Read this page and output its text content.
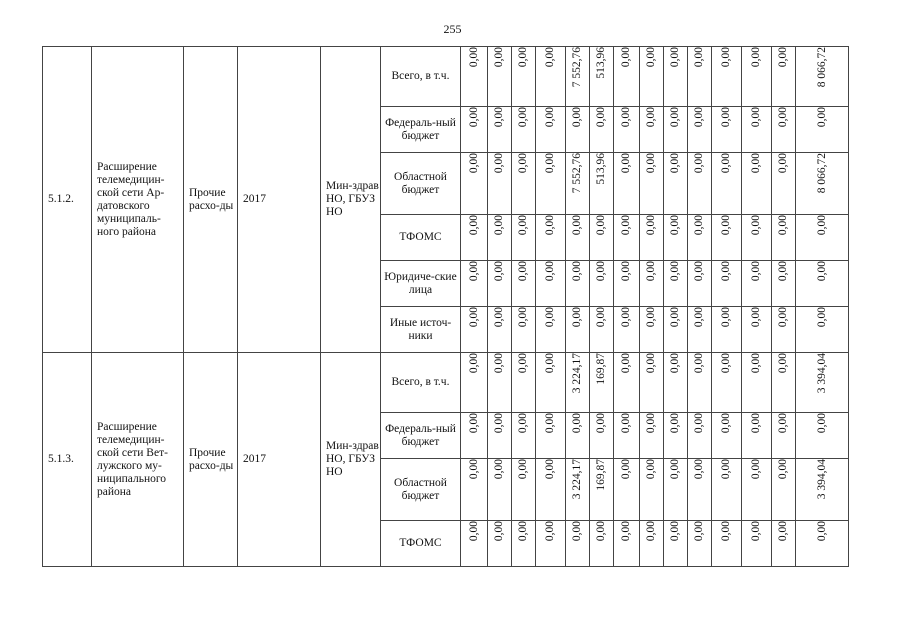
255
5.1.2.	Расширение телемедицин-ской сети Ар-датовского муниципаль-ного района	Прочие расхо-ды	2017	Мин-здрав НО, ГБУЗ НО	Всего, в т.ч.	0,00	0,00	0,00	0,00	7 552,76	513,96	0,00	0,00	0,00	0,00	0,00	0,00	0,00	8 066,72
					Федераль-ный бюджет	0,00	0,00	0,00	0,00	0,00	0,00	0,00	0,00	0,00	0,00	0,00	0,00	0,00	0,00
					Областной бюджет	0,00	0,00	0,00	0,00	7 552,76	513,96	0,00	0,00	0,00	0,00	0,00	0,00	0,00	8 066,72
					ТФОМС	0,00	0,00	0,00	0,00	0,00	0,00	0,00	0,00	0,00	0,00	0,00	0,00	0,00	0,00
					Юридиче-ские лица	0,00	0,00	0,00	0,00	0,00	0,00	0,00	0,00	0,00	0,00	0,00	0,00	0,00	0,00
					Иные источ-ники	0,00	0,00	0,00	0,00	0,00	0,00	0,00	0,00	0,00	0,00	0,00	0,00	0,00	0,00
5.1.3.	Расширение телемедицин-ской сети Вет-лужского му-ниципального района	Прочие расхо-ды	2017	Мин-здрав НО, ГБУЗ НО	Всего, в т.ч.	0,00	0,00	0,00	0,00	3 224,17	169,87	0,00	0,00	0,00	0,00	0,00	0,00	0,00	3 394,04
					Федераль-ный бюджет	0,00	0,00	0,00	0,00	0,00	0,00	0,00	0,00	0,00	0,00	0,00	0,00	0,00	0,00
					Областной бюджет	0,00	0,00	0,00	0,00	3 224,17	169,87	0,00	0,00	0,00	0,00	0,00	0,00	0,00	3 394,04
					ТФОМС	0,00	0,00	0,00	0,00	0,00	0,00	0,00	0,00	0,00	0,00	0,00	0,00	0,00	0,00
